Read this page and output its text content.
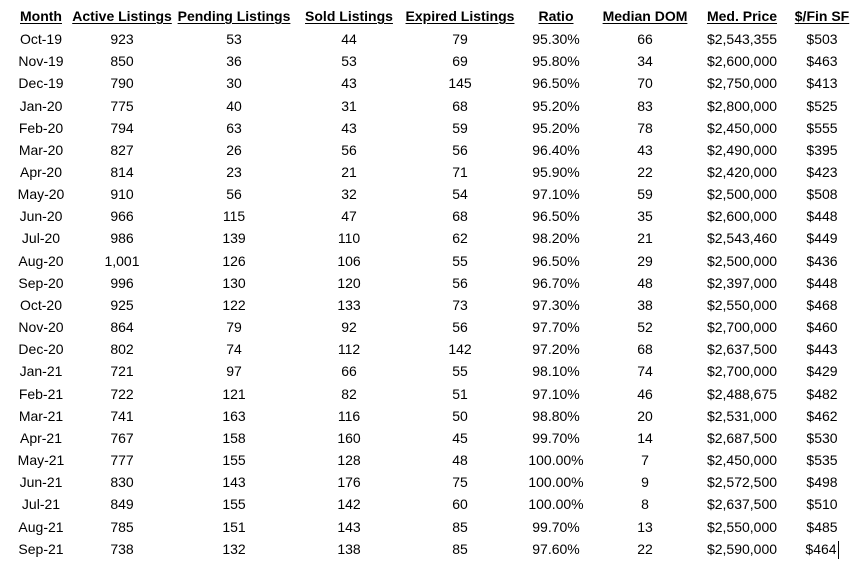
Month	Active Listings	Pending Listings	Sold Listings	Expired Listings	Ratio	Median DOM	Med. Price	$/Fin SF
Oct-19	923	53	44	79	95.30%	66	$2,543,355	$503
Nov-19	850	36	53	69	95.80%	34	$2,600,000	$463
Dec-19	790	30	43	145	96.50%	70	$2,750,000	$413
Jan-20	775	40	31	68	95.20%	83	$2,800,000	$525
Feb-20	794	63	43	59	95.20%	78	$2,450,000	$555
Mar-20	827	26	56	56	96.40%	43	$2,490,000	$395
Apr-20	814	23	21	71	95.90%	22	$2,420,000	$423
May-20	910	56	32	54	97.10%	59	$2,500,000	$508
Jun-20	966	115	47	68	96.50%	35	$2,600,000	$448
Jul-20	986	139	110	62	98.20%	21	$2,543,460	$449
Aug-20	1,001	126	106	55	96.50%	29	$2,500,000	$436
Sep-20	996	130	120	56	96.70%	48	$2,397,000	$448
Oct-20	925	122	133	73	97.30%	38	$2,550,000	$468
Nov-20	864	79	92	56	97.70%	52	$2,700,000	$460
Dec-20	802	74	112	142	97.20%	68	$2,637,500	$443
Jan-21	721	97	66	55	98.10%	74	$2,700,000	$429
Feb-21	722	121	82	51	97.10%	46	$2,488,675	$482
Mar-21	741	163	116	50	98.80%	20	$2,531,000	$462
Apr-21	767	158	160	45	99.70%	14	$2,687,500	$530
May-21	777	155	128	48	100.00%	7	$2,450,000	$535
Jun-21	830	143	176	75	100.00%	9	$2,572,500	$498
Jul-21	849	155	142	60	100.00%	8	$2,637,500	$510
Aug-21	785	151	143	85	99.70%	13	$2,550,000	$485
Sep-21	738	132	138	85	97.60%	22	$2,590,000	$464
